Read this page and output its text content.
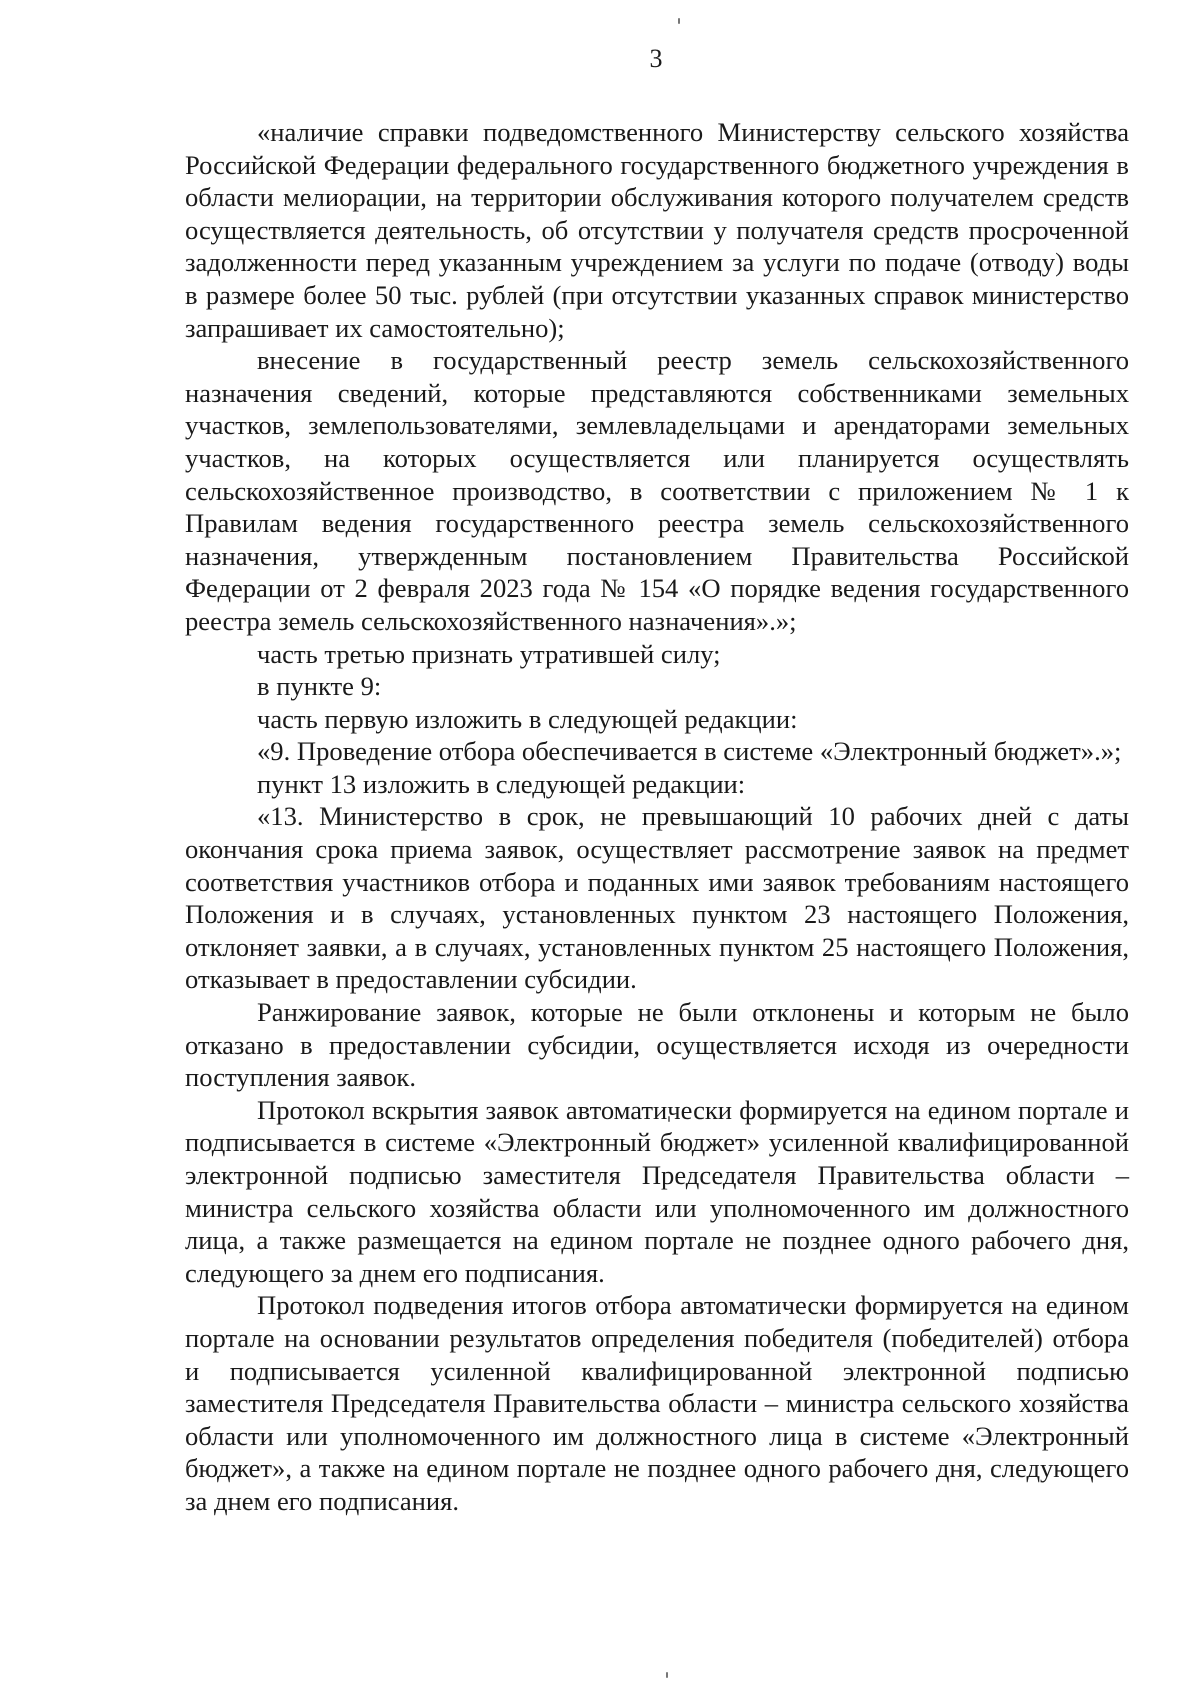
3

«наличие справки подведомственного Министерству сельского хозяйства Российской Федерации федерального государственного бюджетного учреждения в области мелиорации, на территории обслуживания которого получателем средств осуществляется деятельность, об отсутствии у получателя средств просроченной задолженности перед указанным учреждением за услуги по подаче (отводу) воды в размере более 50 тыс. рублей (при отсутствии указанных справок министерство запрашивает их самостоятельно);

внесение в государственный реестр земель сельскохозяйственного назначения сведений, которые представляются собственниками земельных участков, землепользователями, землевладельцами и арендаторами земельных участков, на которых осуществляется или планируется осуществлять сельскохозяйственное производство, в соответствии с приложением № 1 к Правилам ведения государственного реестра земель сельскохозяйственного назначения, утвержденным постановлением Правительства Российской Федерации от 2 февраля 2023 года № 154 «О порядке ведения государственного реестра земель сельскохозяйственного назначения».»;

часть третью признать утратившей силу;

в пункте 9:

часть первую изложить в следующей редакции:

«9. Проведение отбора обеспечивается в системе «Электронный бюджет».»;

пункт 13 изложить в следующей редакции:

«13. Министерство в срок, не превышающий 10 рабочих дней с даты окончания срока приема заявок, осуществляет рассмотрение заявок на предмет соответствия участников отбора и поданных ими заявок требованиям настоящего Положения и в случаях, установленных пунктом 23 настоящего Положения, отклоняет заявки, а в случаях, установленных пунктом 25 настоящего Положения, отказывает в предоставлении субсидии.

Ранжирование заявок, которые не были отклонены и которым не было отказано в предоставлении субсидии, осуществляется исходя из очередности поступления заявок.

Протокол вскрытия заявок автоматически формируется на едином портале и подписывается в системе «Электронный бюджет» усиленной квалифицированной электронной подписью заместителя Председателя Правительства области – министра сельского хозяйства области или уполномоченного им должностного лица, а также размещается на едином портале не позднее одного рабочего дня, следующего за днем его подписания.

Протокол подведения итогов отбора автоматически формируется на едином портале на основании результатов определения победителя (победителей) отбора и подписывается усиленной квалифицированной электронной подписью заместителя Председателя Правительства области – министра сельского хозяйства области или уполномоченного им должностного лица в системе «Электронный бюджет», а также на едином портале не позднее одного рабочего дня, следующего за днем его подписания.
